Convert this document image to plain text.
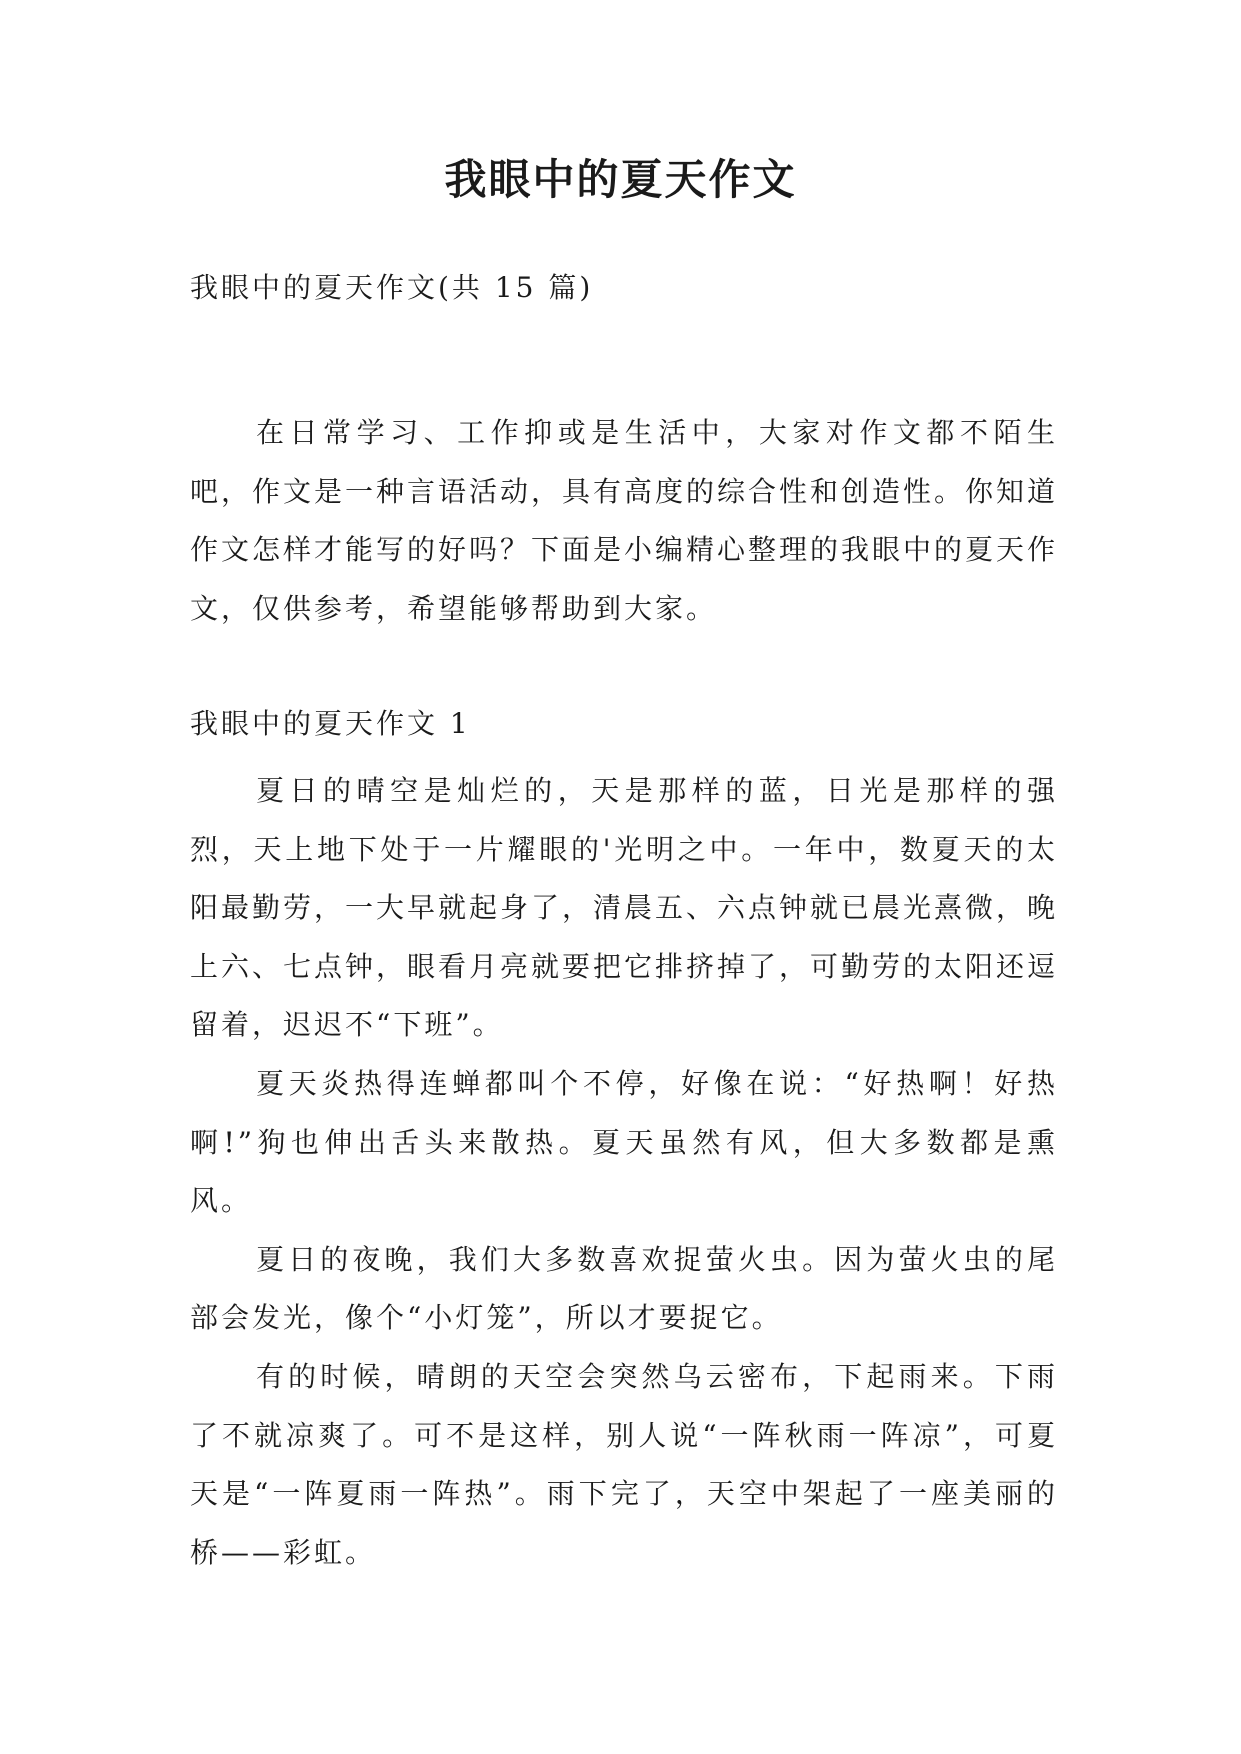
我眼中的夏天作文

我眼中的夏天作文(共 15 篇)

在日常学习、工作抑或是生活中，大家对作文都不陌生吧，作文是一种言语活动，具有高度的综合性和创造性。你知道作文怎样才能写的好吗？下面是小编精心整理的我眼中的夏天作文，仅供参考，希望能够帮助到大家。

我眼中的夏天作文 1

夏日的晴空是灿烂的，天是那样的蓝，日光是那样的强烈，天上地下处于一片耀眼的'光明之中。一年中，数夏天的太阳最勤劳，一大早就起身了，清晨五、六点钟就已晨光熹微，晚上六、七点钟，眼看月亮就要把它排挤掉了，可勤劳的太阳还逗留着，迟迟不“下班”。

夏天炎热得连蝉都叫个不停，好像在说：“好热啊！好热啊!”狗也伸出舌头来散热。夏天虽然有风，但大多数都是熏风。

夏日的夜晚，我们大多数喜欢捉萤火虫。因为萤火虫的尾部会发光，像个“小灯笼”，所以才要捉它。

有的时候，晴朗的天空会突然乌云密布，下起雨来。下雨了不就凉爽了。可不是这样，别人说“一阵秋雨一阵凉”，可夏天是“一阵夏雨一阵热”。雨下完了，天空中架起了一座美丽的桥——彩虹。
